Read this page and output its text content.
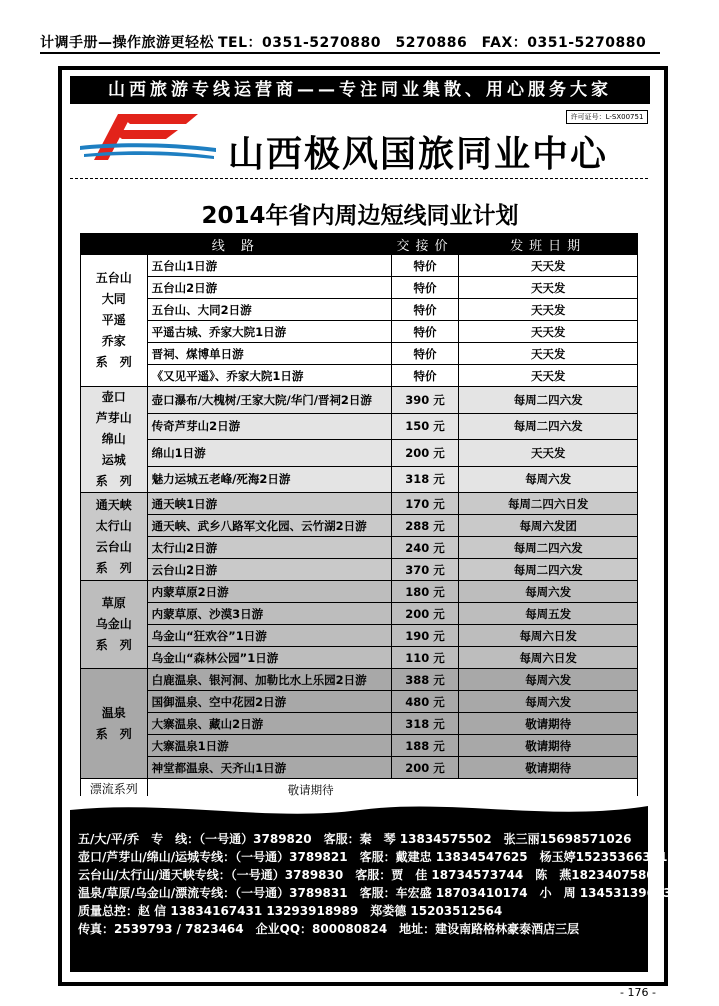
计调手册—操作旅游更轻松 TEL：0351-5270880　5270886　FAX：0351-5270880
山西旅游专线运营商——专注同业集散、用心服务大家
许可证号：L-SX00751
山西极风国旅同业中心
2014年省内周边短线同业计划
线 路		交接价	发班日期

五台山
大同
平遥
乔家
系　列	五台山1日游	特价	天天发
	五台山2日游	特价	天天发
	五台山、大同2日游	特价	天天发
	平遥古城、乔家大院1日游	特价	天天发
	晋祠、煤博单日游	特价	天天发
	《又见平遥》、乔家大院1日游	特价	天天发

壶口
芦芽山
绵山
运城
系　列	壶口瀑布/大槐树/王家大院/华门/晋祠2日游	390 元	每周二四六发
	传奇芦芽山2日游	150 元	每周二四六发
	绵山1日游	200 元	天天发
	魅力运城五老峰/死海2日游	318 元	每周六发

通天峡
太行山
云台山
系　列	通天峡1日游	170 元	每周二四六日发
	通天峡、武乡八路军文化园、云竹湖2日游	288 元	每周六发团
	太行山2日游	240 元	每周二四六发
	云台山2日游	370 元	每周二四六发

草原
乌金山
系　列	内蒙草原2日游	180 元	每周六发
	内蒙草原、沙漠3日游	200 元	每周五发
	乌金山“狂欢谷”1日游	190 元	每周六日发
	乌金山“森林公园”1日游	110 元	每周六日发

温泉
系　列	白鹿温泉、银河洞、加勒比水上乐园2日游	388 元	每周六发
	国御温泉、空中花园2日游	480 元	每周六发
	大寨温泉、藏山2日游	318 元	敬请期待
	大寨温泉1日游	188 元	敬请期待
	神堂都温泉、天齐山1日游	200 元	敬请期待
漂流系列	敬请期待		
五/大/平/乔　专　线：（一号通）3789820　客服：秦　琴 13834575502　张三丽15698571026
壶口/芦芽山/绵山/运城专线：（一号通）3789821　客服：戴建忠 13834547625　杨玉婷15235366301
云台山/太行山/通天峡专线：（一号通）3789830　客服：贾　佳 18734573744　陈　燕18234075802
温泉/草原/乌金山/漂流专线：（一号通）3789831　客服：车宏盛 18703410174　小　周 13453139643
质量总控：赵 信 13834167431 13293918989　郑娄德 15203512564
传真：2539793 / 7823464　企业QQ：800080824　地址：建设南路格林豪泰酒店三层
- 176 -
